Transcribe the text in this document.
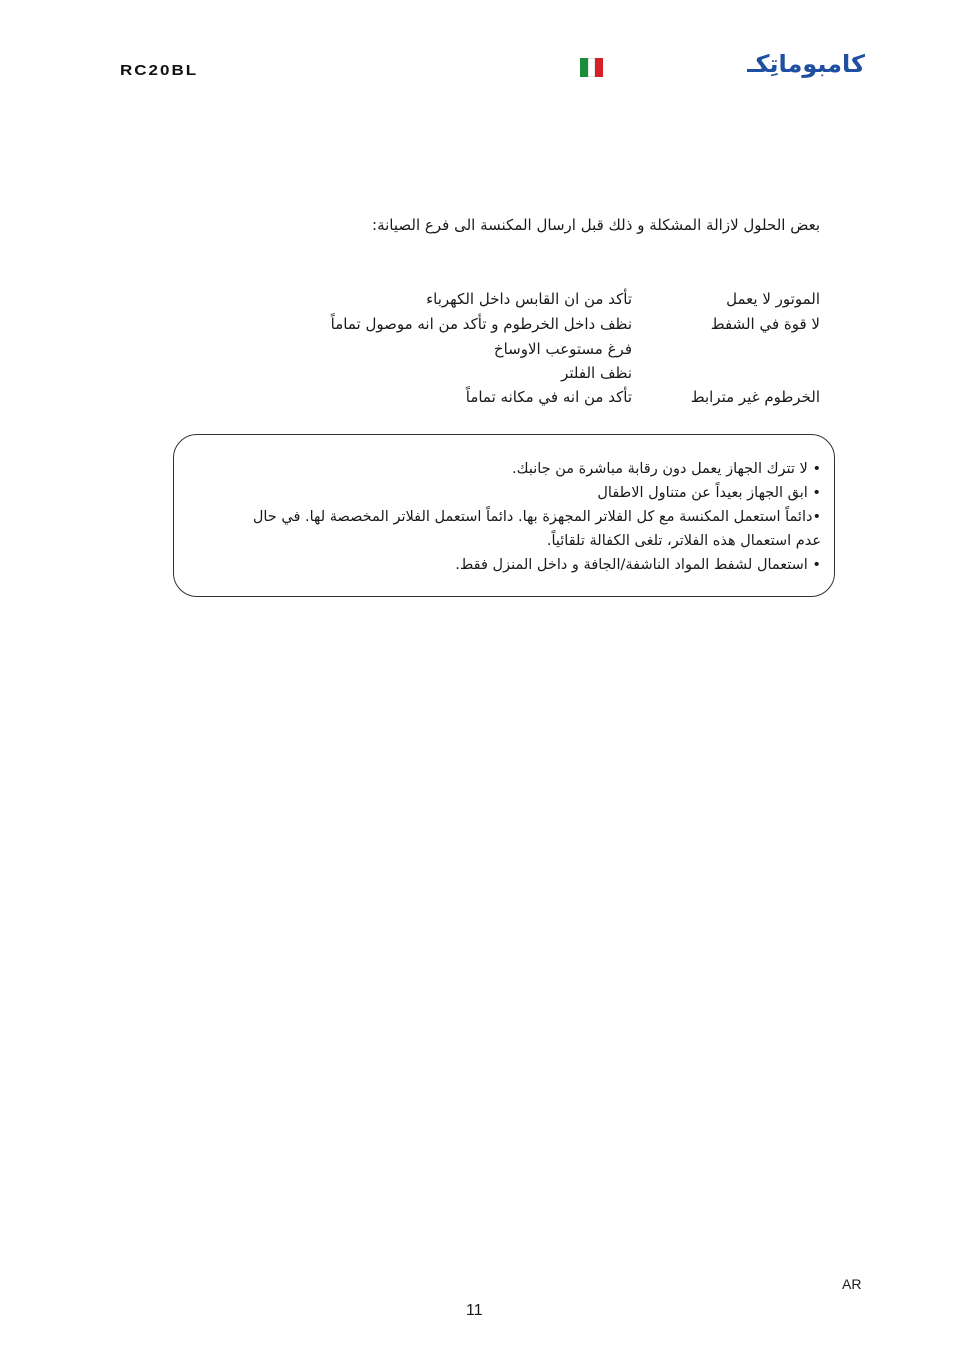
RC20BL	كامبوماتِكـ
بعض الحلول لازالة المشكلة و ذلك قبل ارسال المكنسة الى فرع الصيانة:
الموتور لا يعمل
تأكد من ان القابس داخل الكهرباء
لا قوة في الشفط
نظف داخل الخرطوم و تأكد من انه موصول تماماً
فرغ مستوعب الاوساخ
نظف الفلتر
الخرطوم غير مترابط
تأكد من انه في مكانه تماماً
• لا تترك الجهاز يعمل دون رقابة مباشرة من جانبك.
• ابق الجهاز بعيداً عن متناول الاطفال
•دائماً استعمل المكنسة مع كل الفلاتر المجهزة بها. دائماً استعمل الفلاتر المخصصة لها. في حال
عدم استعمال هذه الفلاتر، تلغى الكفالة تلقائياً.
• استعمال لشفط المواد الناشفة/الجافة و داخل المنزل فقط.
AR
11
